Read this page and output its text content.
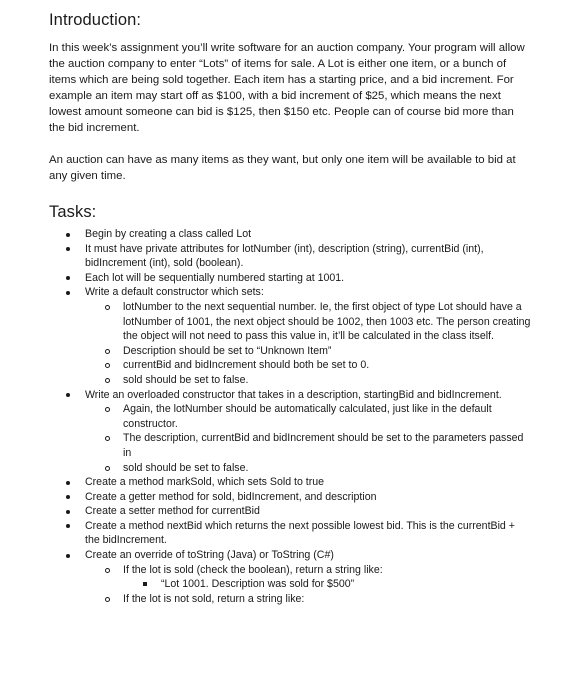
Introduction:

In this week’s assignment you’ll write software for an auction company. Your program will allow the auction company to enter “Lots” of items for sale. A Lot is either one item, or a bunch of items which are being sold together. Each item has a starting price, and a bid increment. For example an item may start off as $100, with a bid increment of $25, which means the next lowest amount someone can bid is $125, then $150 etc. People can of course bid more than the bid increment.

An auction can have as many items as they want, but only one item will be available to bid at any given time.

Tasks:
Begin by creating a class called Lot
It must have private attributes for lotNumber (int), description (string), currentBid (int), bidIncrement (int), sold (boolean).
Each lot will be sequentially numbered starting at 1001.
Write a default constructor which sets:
lotNumber to the next sequential number. Ie, the first object of type Lot should have a lotNumber of 1001, the next object should be 1002, then 1003 etc. The person creating the object will not need to pass this value in, it’ll be calculated in the class itself.
Description should be set to “Unknown Item”
currentBid and bidIncrement should both be set to 0.
sold should be set to false.
Write an overloaded constructor that takes in a description, startingBid and bidIncrement.
Again, the lotNumber should be automatically calculated, just like in the default constructor.
The description, currentBid and bidIncrement should be set to the parameters passed in
sold should be set to false.
Create a method markSold, which sets Sold to true
Create a getter method for sold, bidIncrement, and description
Create a setter method for currentBid
Create a method nextBid which returns the next possible lowest bid. This is the currentBid + the bidIncrement.
Create an override of toString (Java) or ToString (C#)
If the lot is sold (check the boolean), return a string like:
“Lot 1001. Description was sold for $500”
If the lot is not sold, return a string like:
